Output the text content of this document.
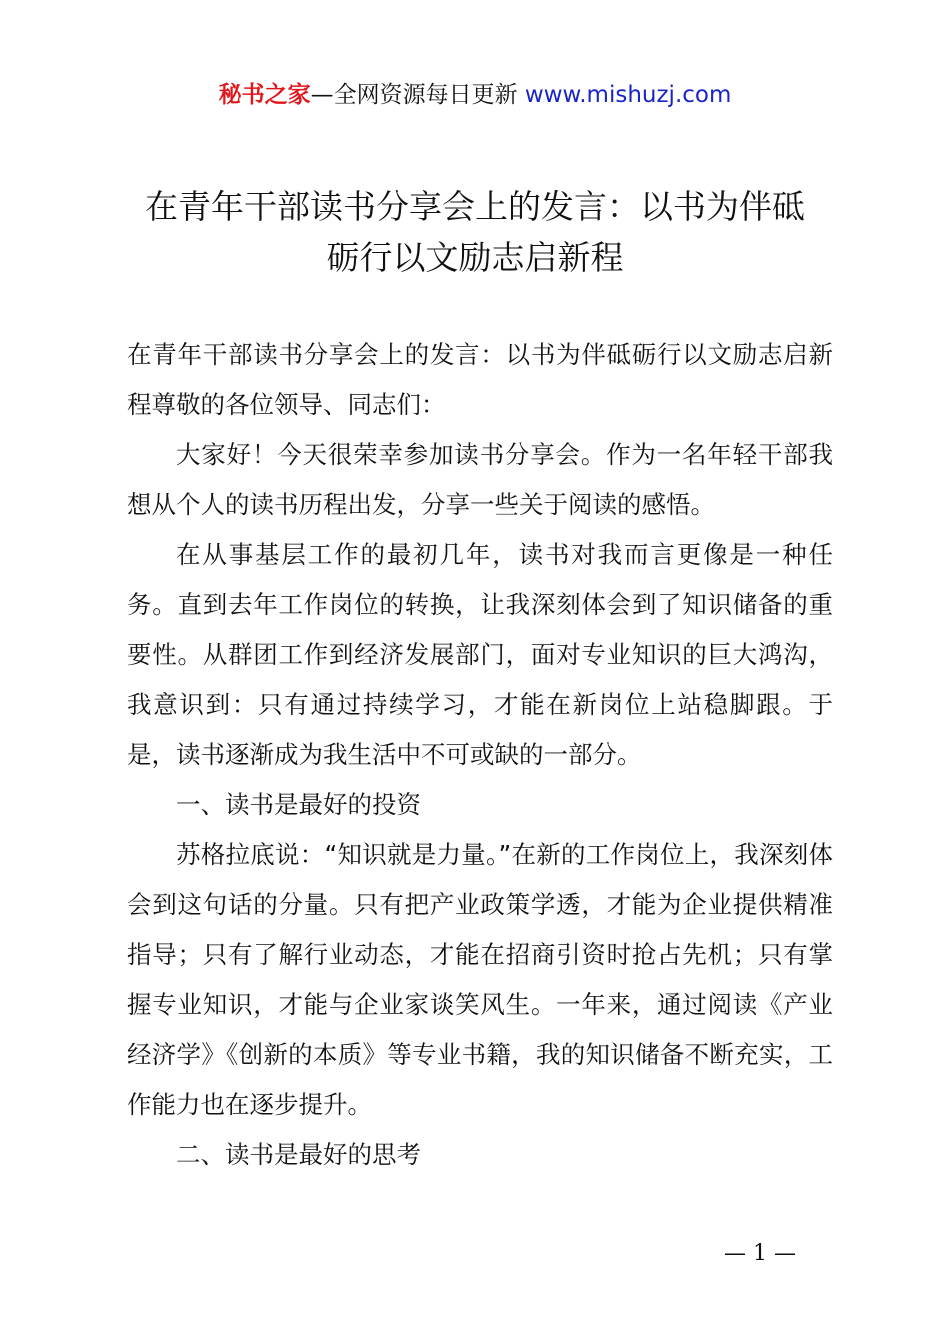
秘书之家—全网资源每日更新 www.mishuzj.com
在青年干部读书分享会上的发言：以书为伴砥
砺行以文励志启新程

在青年干部读书分享会上的发言：以书为伴砥砺行以文励志启新程尊敬的各位领导、同志们：

大家好！今天很荣幸参加读书分享会。作为一名年轻干部我想从个人的读书历程出发，分享一些关于阅读的感悟。

在从事基层工作的最初几年，读书对我而言更像是一种任务。直到去年工作岗位的转换，让我深刻体会到了知识储备的重要性。从群团工作到经济发展部门，面对专业知识的巨大鸿沟，我意识到：只有通过持续学习，才能在新岗位上站稳脚跟。于是，读书逐渐成为我生活中不可或缺的一部分。

一、读书是最好的投资

苏格拉底说：“知识就是力量。”在新的工作岗位上，我深刻体会到这句话的分量。只有把产业政策学透，才能为企业提供精准指导；只有了解行业动态，才能在招商引资时抢占先机；只有掌握专业知识，才能与企业家谈笑风生。一年来，通过阅读《产业经济学》《创新的本质》等专业书籍，我的知识储备不断充实，工作能力也在逐步提升。

二、读书是最好的思考

— 1 —
